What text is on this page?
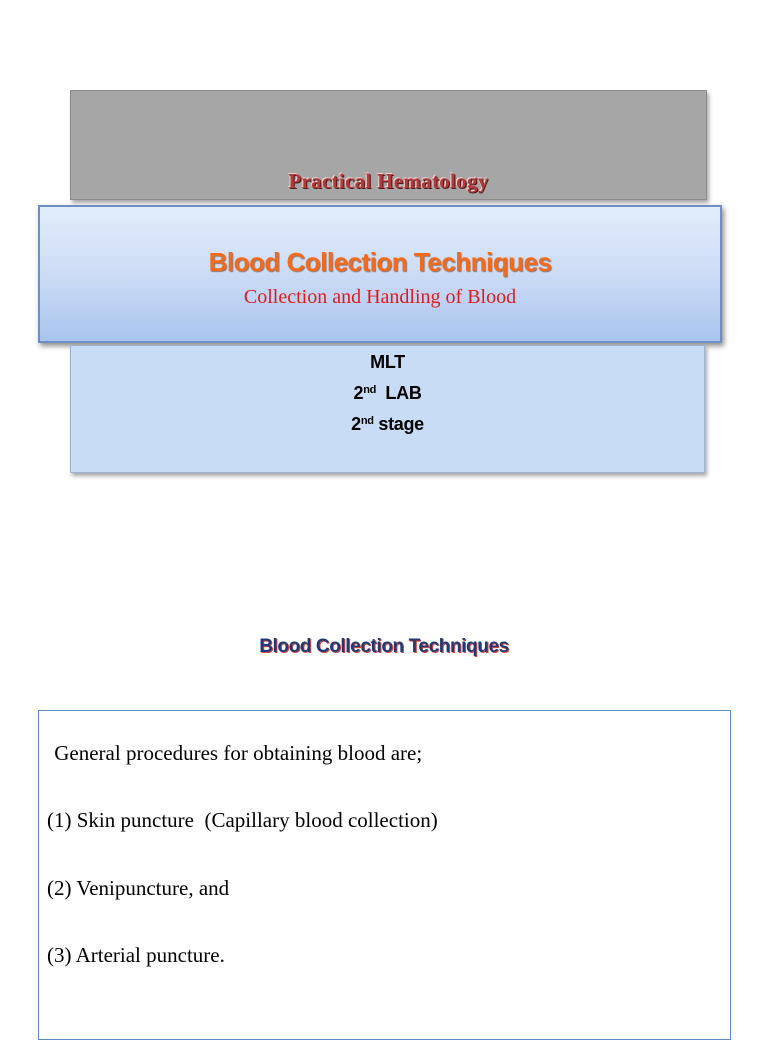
Practical Hematology
Blood Collection Techniques
Collection and Handling of Blood
MLT
2nd  LAB
2nd stage
Blood Collection Techniques
General procedures for obtaining blood are;
(1) Skin puncture  (Capillary blood collection)
(2) Venipuncture, and
(3) Arterial puncture.
